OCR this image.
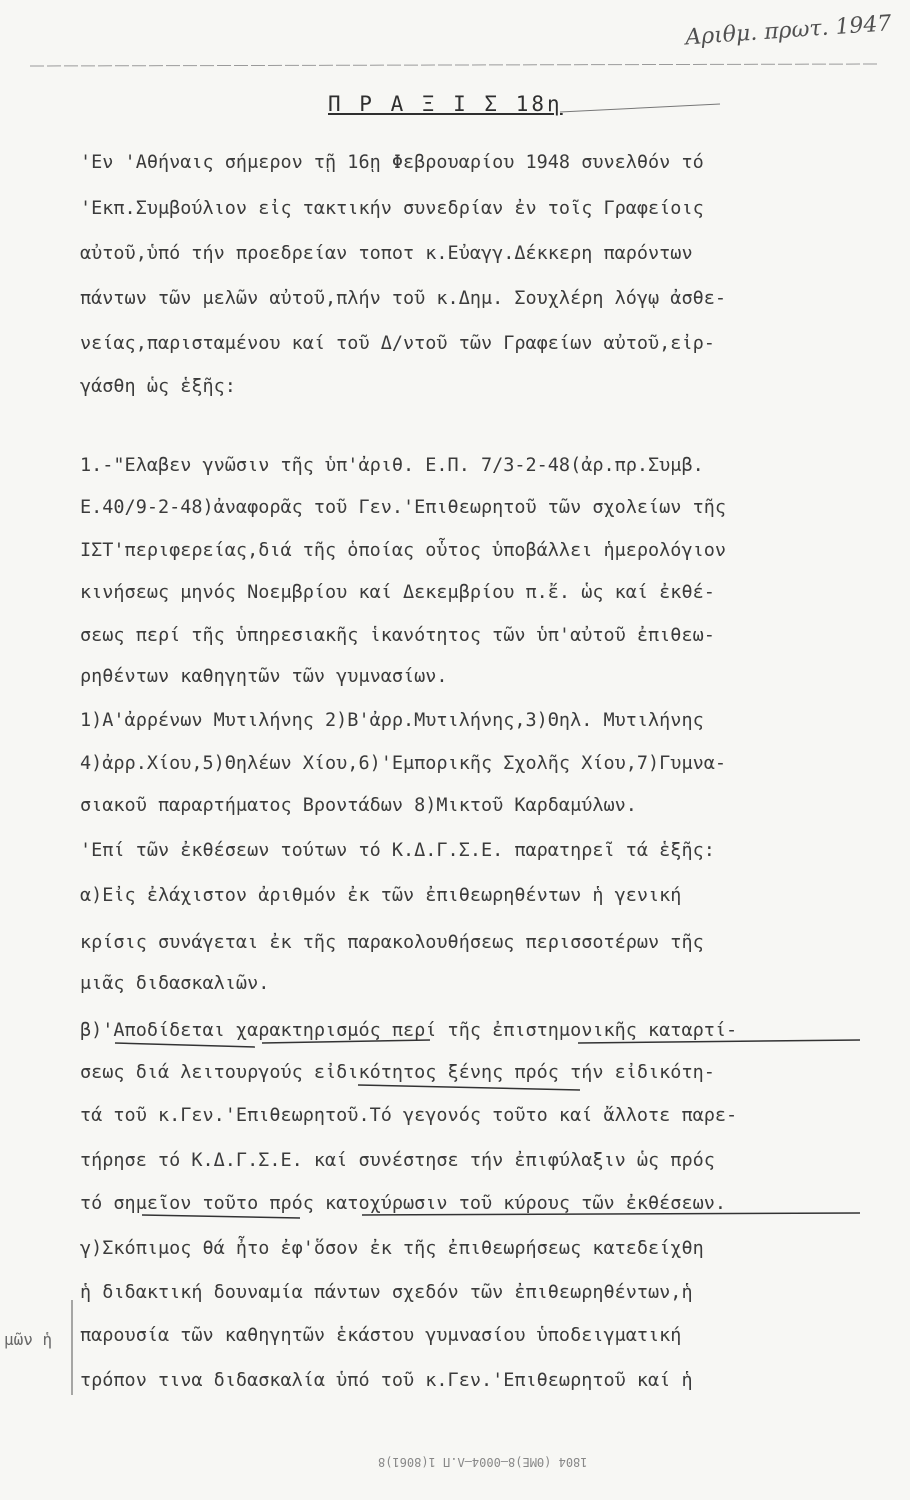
Αριθμ. πρωτ. 1947
Π Ρ Α Ξ Ι Σ 18η
'Εν 'Αθήναις σήμερον τῇ 16ῃ Φεβρουαρίου 1948 συνελθόν τό
'Εκπ.Συμβούλιον εἰς τακτικήν συνεδρίαν ἐν τοῖς Γραφείοις
αὐτοῦ,ὑπό τήν προεδρείαν τοποτ κ.Εὐαγγ.Δέκκερη παρόντων
πάντων τῶν μελῶν αὐτοῦ,πλήν τοῦ κ.Δημ. Σουχλέρη λόγῳ ἀσθε-
νείας,παρισταμένου καί τοῦ Δ/ντοῦ τῶν Γραφείων αὐτοῦ,εἰρ-
γάσθη ὡς ἑξῆς:
1.-"Ελαβεν γνῶσιν τῆς ὑπ'ἀριθ. Ε.Π. 7/3-2-48(ἀρ.πρ.Συμβ.
Ε.40/9-2-48)ἀναφορᾶς τοῦ Γεν.'Επιθεωρητοῦ τῶν σχολείων τῆς
ΙΣΤ'περιφερείας,διά τῆς ὁποίας οὗτος ὑποβάλλει ἡμερολόγιον
κινήσεως μηνός Νοεμβρίου καί Δεκεμβρίου π.ἔ. ὡς καί ἐκθέ-
σεως περί τῆς ὑπηρεσιακῆς ἱκανότητος τῶν ὑπ'αὐτοῦ ἐπιθεω-
ρηθέντων καθηγητῶν τῶν γυμνασίων.
1)Α'ἀρρένων Μυτιλήνης 2)Β'ἀρρ.Μυτιλήνης,3)Θηλ. Μυτιλήνης
4)ἀρρ.Χίου,5)Θηλέων Χίου,6)'Εμπορικῆς Σχολῆς Χίου,7)Γυμνα-
σιακοῦ παραρτήματος Βροντάδων 8)Μικτοῦ Καρδαμύλων.
'Επί τῶν ἐκθέσεων τούτων τό Κ.Δ.Γ.Σ.Ε. παρατηρεῖ τά ἑξῆς:
α)Εἰς ἐλάχιστον ἀριθμόν ἐκ τῶν ἐπιθεωρηθέντων ἡ γενική
κρίσις συνάγεται ἐκ τῆς παρακολουθήσεως περισσοτέρων τῆς
μιᾶς διδασκαλιῶν.
β)'Αποδίδεται χαρακτηρισμός περί τῆς ἐπιστημονικῆς καταρτί-
σεως διά λειτουργούς εἰδικότητος ξένης πρός τήν εἰδικότη-
τά τοῦ κ.Γεν.'Επιθεωρητοῦ.Τό γεγονός τοῦτο καί ἄλλοτε παρε-
τήρησε τό Κ.Δ.Γ.Σ.Ε. καί συνέστησε τήν ἐπιφύλαξιν ὡς πρός
τό σημεῖον τοῦτο πρός κατοχύρωσιν τοῦ κύρους τῶν ἐκθέσεων.
γ)Σκόπιμος θά ἦτο ἐφ'ὅσον ἐκ τῆς ἐπιθεωρήσεως κατεδείχθη
ἡ διδακτική δουναμία πάντων σχεδόν τῶν ἐπιθεωρηθέντων,ἡ
παρουσία τῶν καθηγητῶν ἑκάστου γυμνασίου ὑποδειγματική
τρόπον τινα διδασκαλία ὑπό τοῦ κ.Γεν.'Επιθεωρητοῦ καί ἡ
μῶν ἡ
1804 (ΘΜΕ)8—0004—Λ.Π 1(8061)8
